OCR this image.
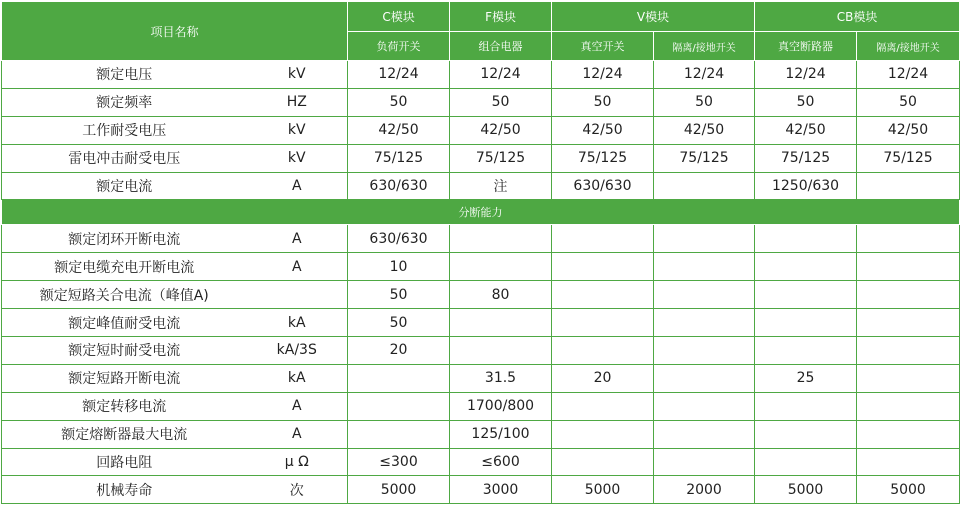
项目名称		C模块	F模块	V模块		CB模块	
		负荷开关	组合电器	真空开关	隔离/接地开关	真空断路器	隔离/接地开关
额定电压	kV	12/24	12/24	12/24	12/24	12/24	12/24
额定频率	HZ	50	50	50	50	50	50
工作耐受电压	kV	42/50	42/50	42/50	42/50	42/50	42/50
雷电冲击耐受电压	kV	75/125	75/125	75/125	75/125	75/125	75/125
额定电流	A	630/630	注	630/630		1250/630	
分断能力							
额定闭环开断电流	A	630/630					
额定电缆充电开断电流	A	10					
额定短路关合电流（峰值A)		50	80				
额定峰值耐受电流	kA	50					
额定短时耐受电流	kA/3S	20					
额定短路开断电流	kA		31.5	20		25	
额定转移电流	A		1700/800				
额定熔断器最大电流	A		125/100				
回路电阻	μ Ω	≤300	≤600				
机械寿命	次	5000	3000	5000	2000	5000	5000
